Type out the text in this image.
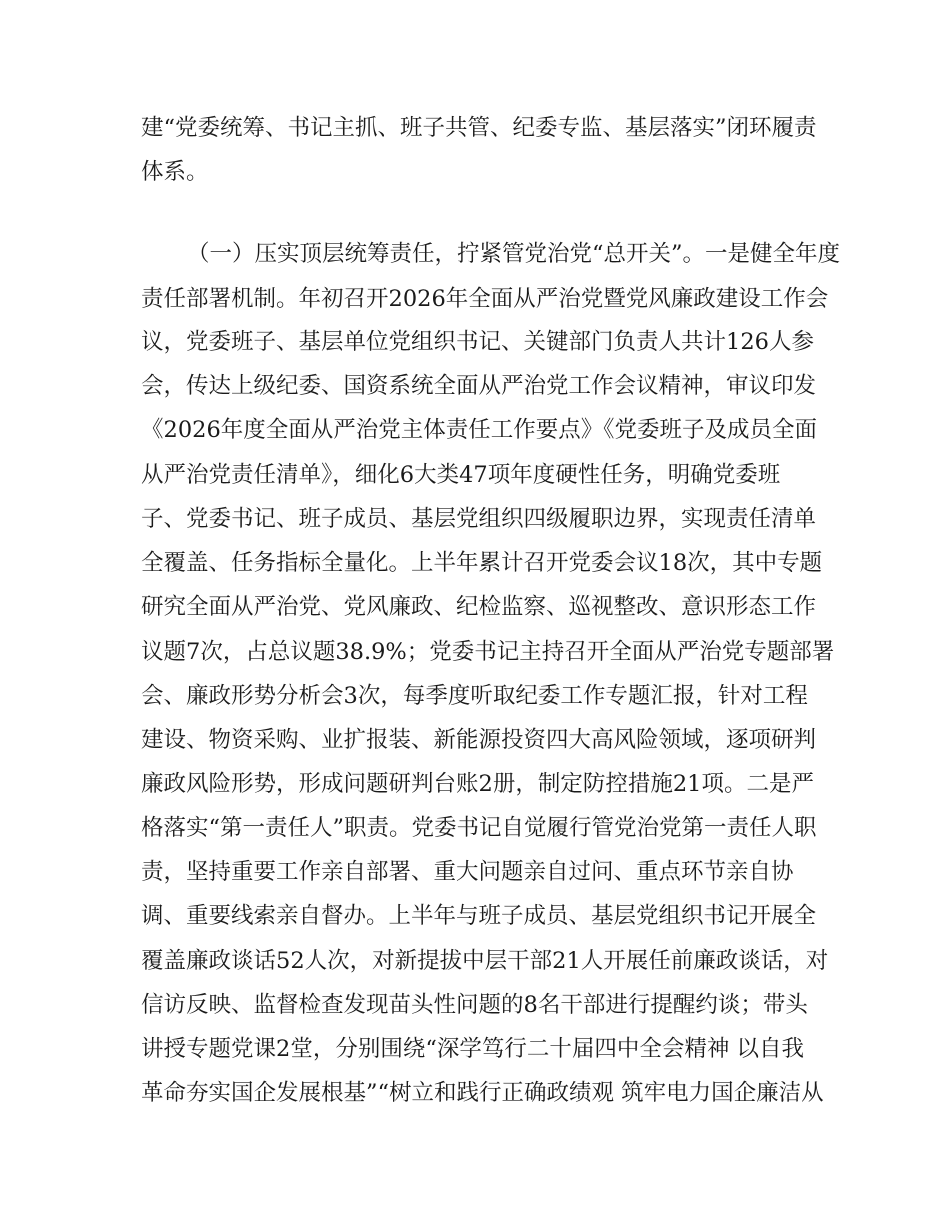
建“党委统筹、书记主抓、班子共管、纪委专监、基层落实”闭环履责
体系。
（一）压实顶层统筹责任，拧紧管党治党“总开关”。一是健全年度
责任部署机制。年初召开2026年全面从严治党暨党风廉政建设工作会
议，党委班子、基层单位党组织书记、关键部门负责人共计126人参
会，传达上级纪委、国资系统全面从严治党工作会议精神，审议印发
《2026年度全面从严治党主体责任工作要点》《党委班子及成员全面
从严治党责任清单》，细化6大类47项年度硬性任务，明确党委班
子、党委书记、班子成员、基层党组织四级履职边界，实现责任清单
全覆盖、任务指标全量化。上半年累计召开党委会议18次，其中专题
研究全面从严治党、党风廉政、纪检监察、巡视整改、意识形态工作
议题7次，占总议题38.9%；党委书记主持召开全面从严治党专题部署
会、廉政形势分析会3次，每季度听取纪委工作专题汇报，针对工程
建设、物资采购、业扩报装、新能源投资四大高风险领域，逐项研判
廉政风险形势，形成问题研判台账2册，制定防控措施21项。二是严
格落实“第一责任人”职责。党委书记自觉履行管党治党第一责任人职
责，坚持重要工作亲自部署、重大问题亲自过问、重点环节亲自协
调、重要线索亲自督办。上半年与班子成员、基层党组织书记开展全
覆盖廉政谈话52人次，对新提拔中层干部21人开展任前廉政谈话，对
信访反映、监督检查发现苗头性问题的8名干部进行提醒约谈；带头
讲授专题党课2堂，分别围绕“深学笃行二十届四中全会精神 以自我
革命夯实国企发展根基”“树立和践行正确政绩观 筑牢电力国企廉洁从
